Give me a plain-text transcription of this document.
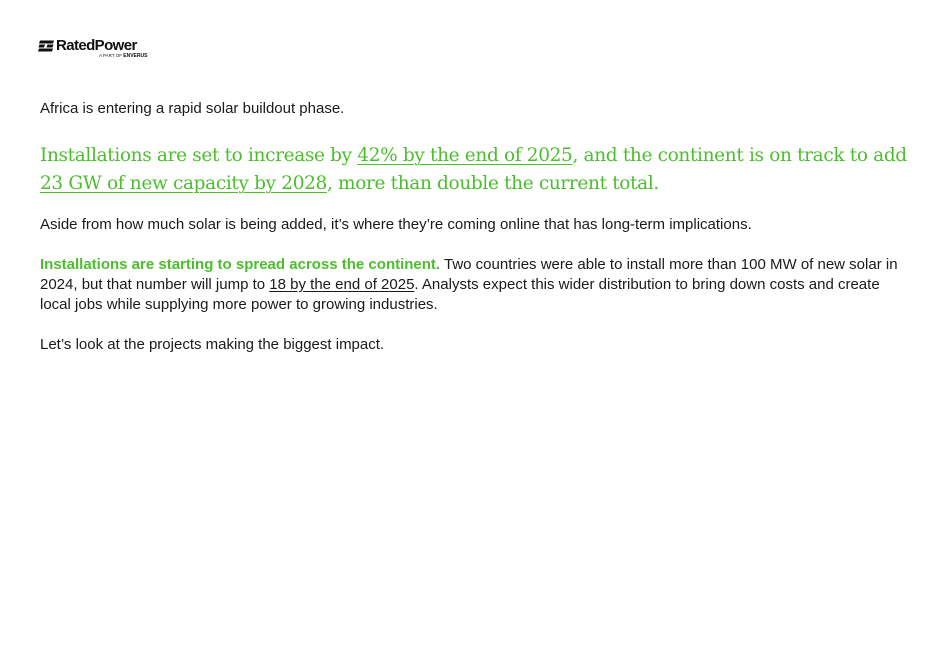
RatedPower
A PART OF ENVERUS

Africa is entering a rapid solar buildout phase.

Installations are set to increase by 42% by the end of 2025, and the continent is on track to add 23 GW of new capacity by 2028, more than double the current total.

Aside from how much solar is being added, it’s where they’re coming online that has long-term implications.

Installations are starting to spread across the continent. Two countries were able to install more than 100 MW of new solar in 2024, but that number will jump to 18 by the end of 2025. Analysts expect this wider distribution to bring down costs and create local jobs while supplying more power to growing industries.

Let’s look at the projects making the biggest impact.
